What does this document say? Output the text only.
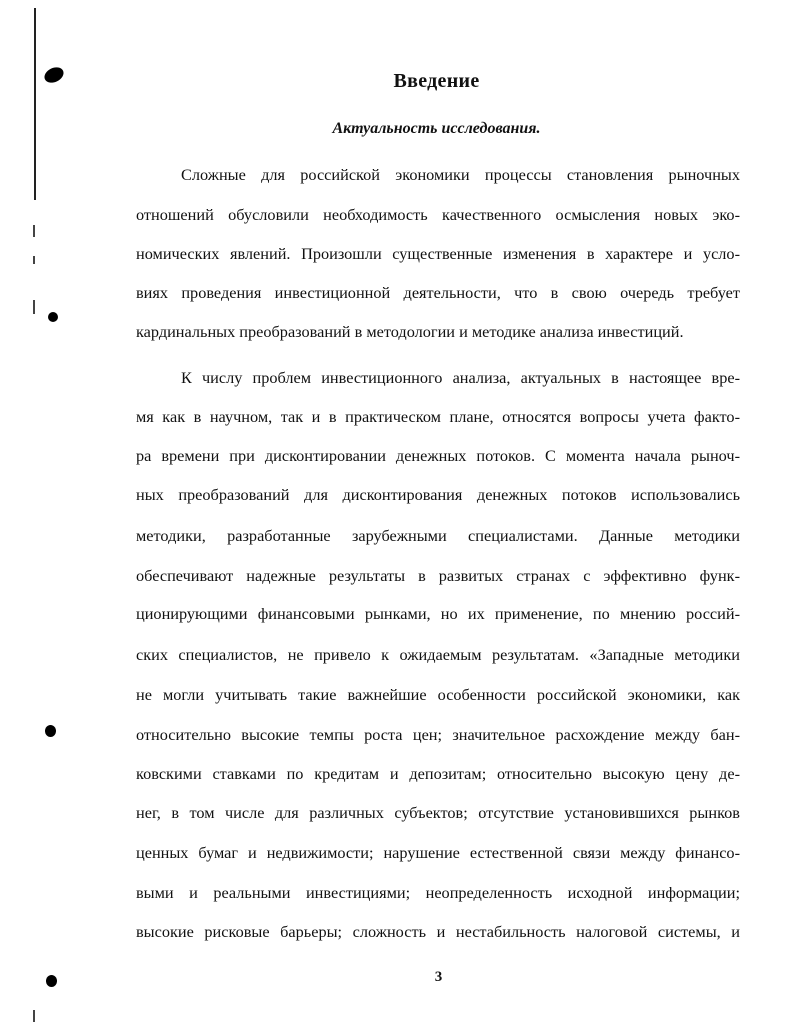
Введение
Актуальность исследования.
Сложные для российской экономики процессы становления рыночных
отношений обусловили необходимость качественного осмысления новых эко-
номических явлений. Произошли существенные изменения в характере и усло-
виях проведения инвестиционной деятельности, что в свою очередь требует
кардинальных преобразований в методологии и методике анализа инвестиций.
К числу проблем инвестиционного анализа, актуальных в настоящее вре-
мя как в научном, так и в практическом плане, относятся вопросы учета факто-
ра времени при дисконтировании денежных потоков. С момента начала рыноч-
ных преобразований для дисконтирования денежных потоков использовались
методики, разработанные зарубежными специалистами. Данные методики
обеспечивают надежные результаты в развитых странах с эффективно функ-
ционирующими финансовыми рынками, но их применение, по мнению россий-
ских специалистов, не привело к ожидаемым результатам. «Западные методики
не могли учитывать такие важнейшие особенности российской экономики, как
относительно высокие темпы роста цен; значительное расхождение между бан-
ковскими ставками по кредитам и депозитам; относительно высокую цену де-
нег, в том числе для различных субъектов; отсутствие установившихся рынков
ценных бумаг и недвижимости; нарушение естественной связи между финансо-
выми и реальными инвестициями; неопределенность исходной информации;
высокие рисковые барьеры; сложность и нестабильность налоговой системы, и
3
